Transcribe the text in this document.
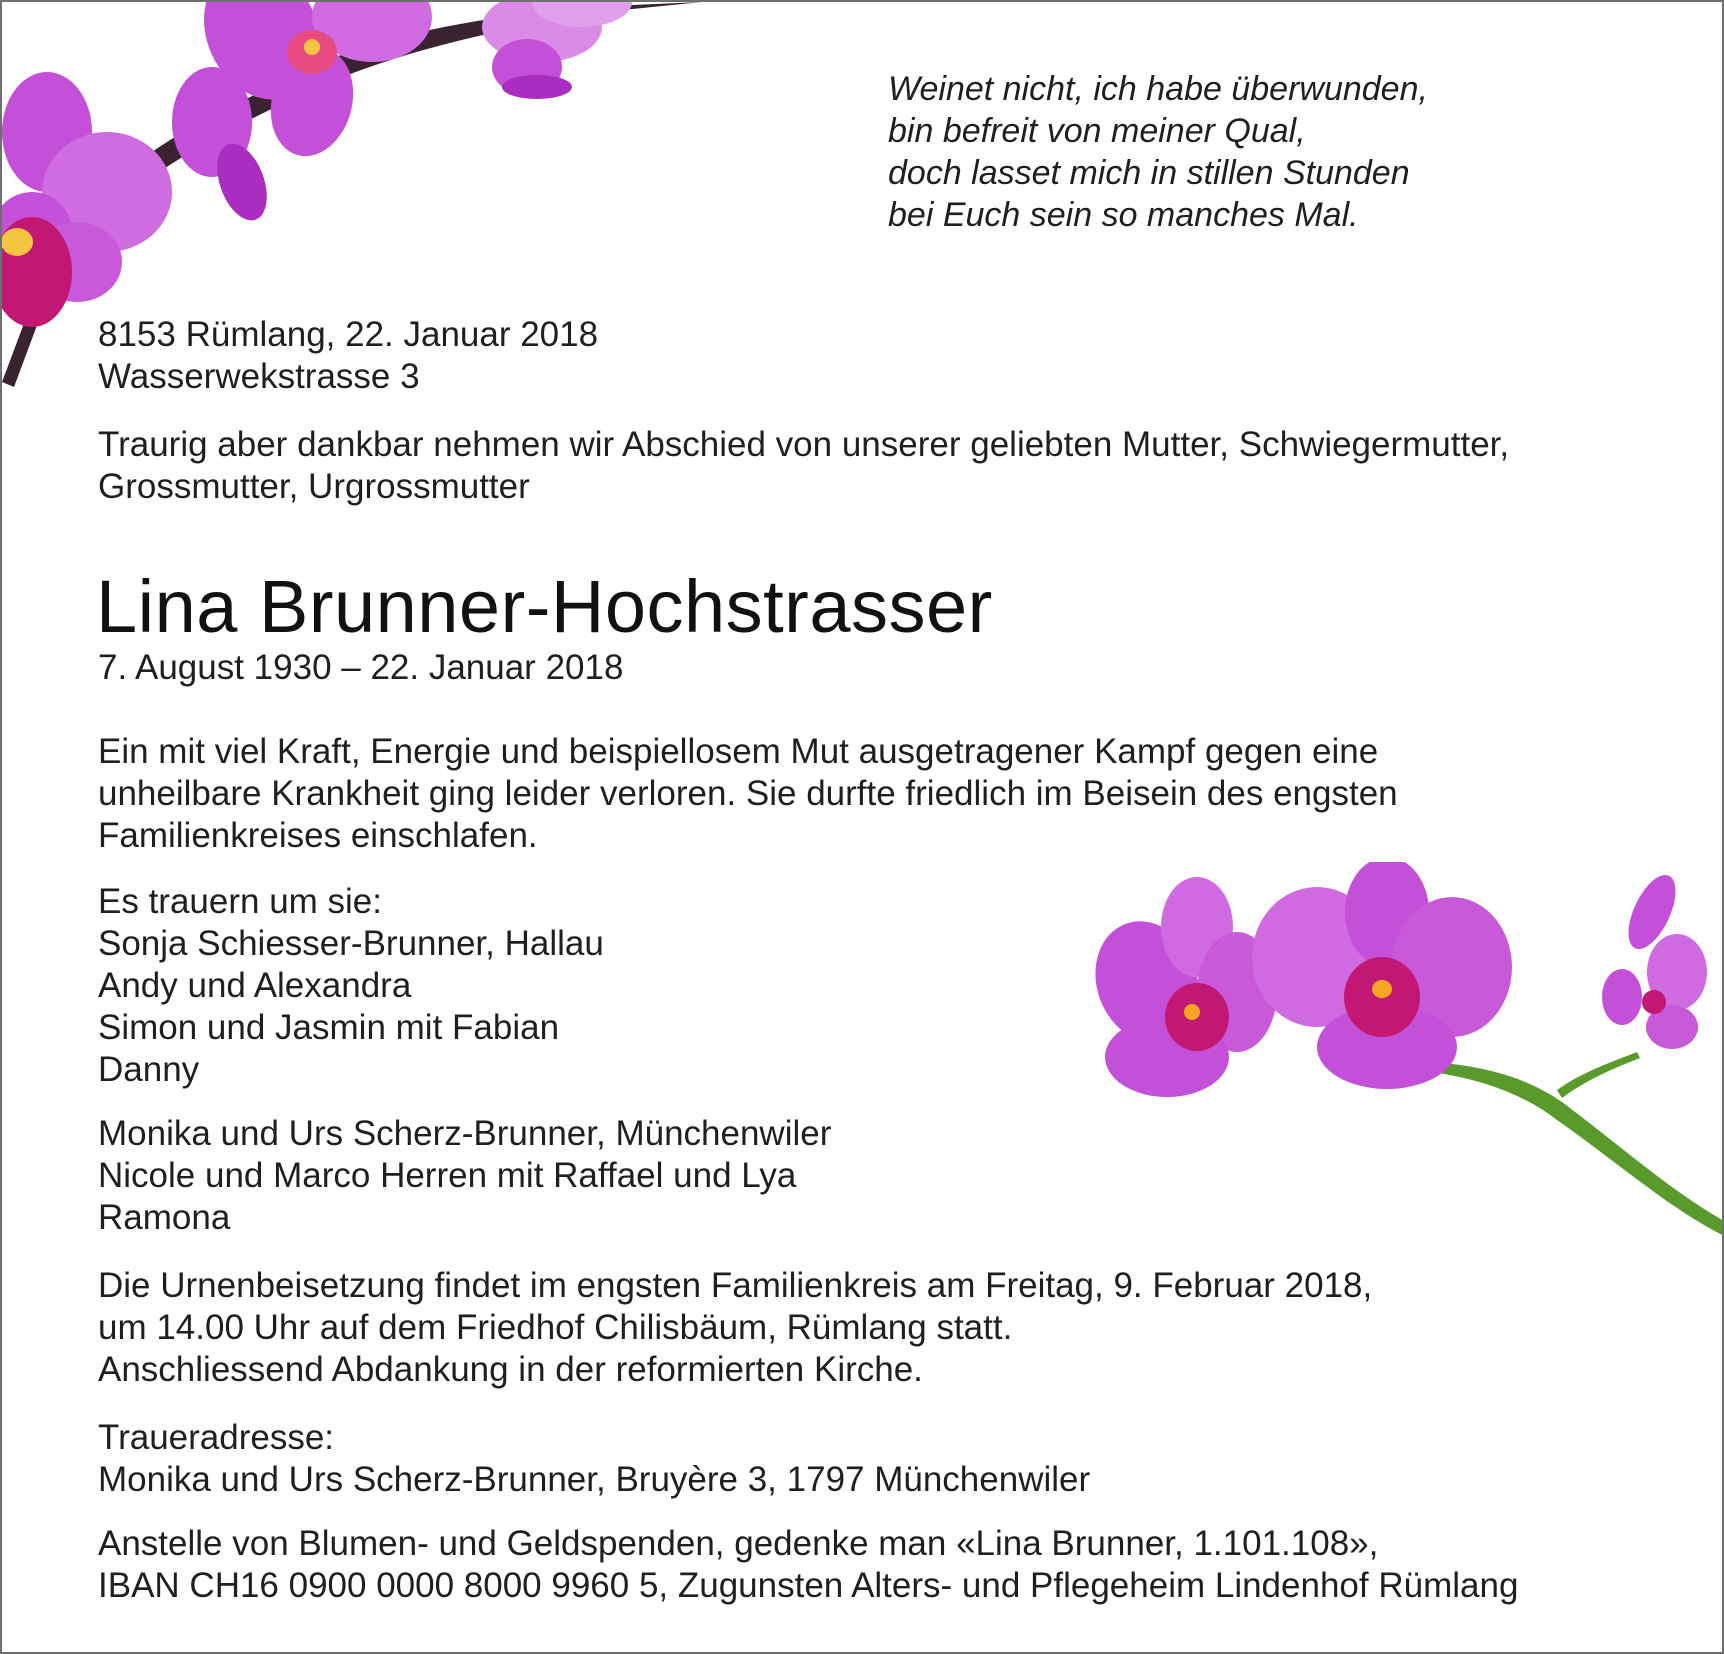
Weinet nicht, ich habe überwunden,
bin befreit von meiner Qual,
doch lasset mich in stillen Stunden
bei Euch sein so manches Mal.
8153 Rümlang, 22. Januar 2018
Wasserwekstrasse 3
Traurig aber dankbar nehmen wir Abschied von unserer geliebten Mutter, Schwiegermutter,
Grossmutter, Urgrossmutter
Lina Brunner-Hochstrasser
7. August 1930 – 22. Januar 2018
Ein mit viel Kraft, Energie und beispiellosem Mut ausgetragener Kampf gegen eine
unheilbare Krankheit ging leider verloren. Sie durfte friedlich im Beisein des engsten
Familienkreises einschlafen.
Es trauern um sie:
Sonja Schiesser-Brunner, Hallau
Andy und Alexandra
Simon und Jasmin mit Fabian
Danny
Monika und Urs Scherz-Brunner, Münchenwiler
Nicole und Marco Herren mit Raffael und Lya
Ramona
Die Urnenbeisetzung findet im engsten Familienkreis am Freitag, 9. Februar 2018,
um 14.00 Uhr auf dem Friedhof Chilisbäum, Rümlang statt.
Anschliessend Abdankung in der reformierten Kirche.
Traueradresse:
Monika und Urs Scherz-Brunner, Bruyère 3, 1797 Münchenwiler
Anstelle von Blumen- und Geldspenden, gedenke man «Lina Brunner, 1.101.108»,
IBAN CH16 0900 0000 8000 9960 5, Zugunsten Alters- und Pflegeheim Lindenhof Rümlang
